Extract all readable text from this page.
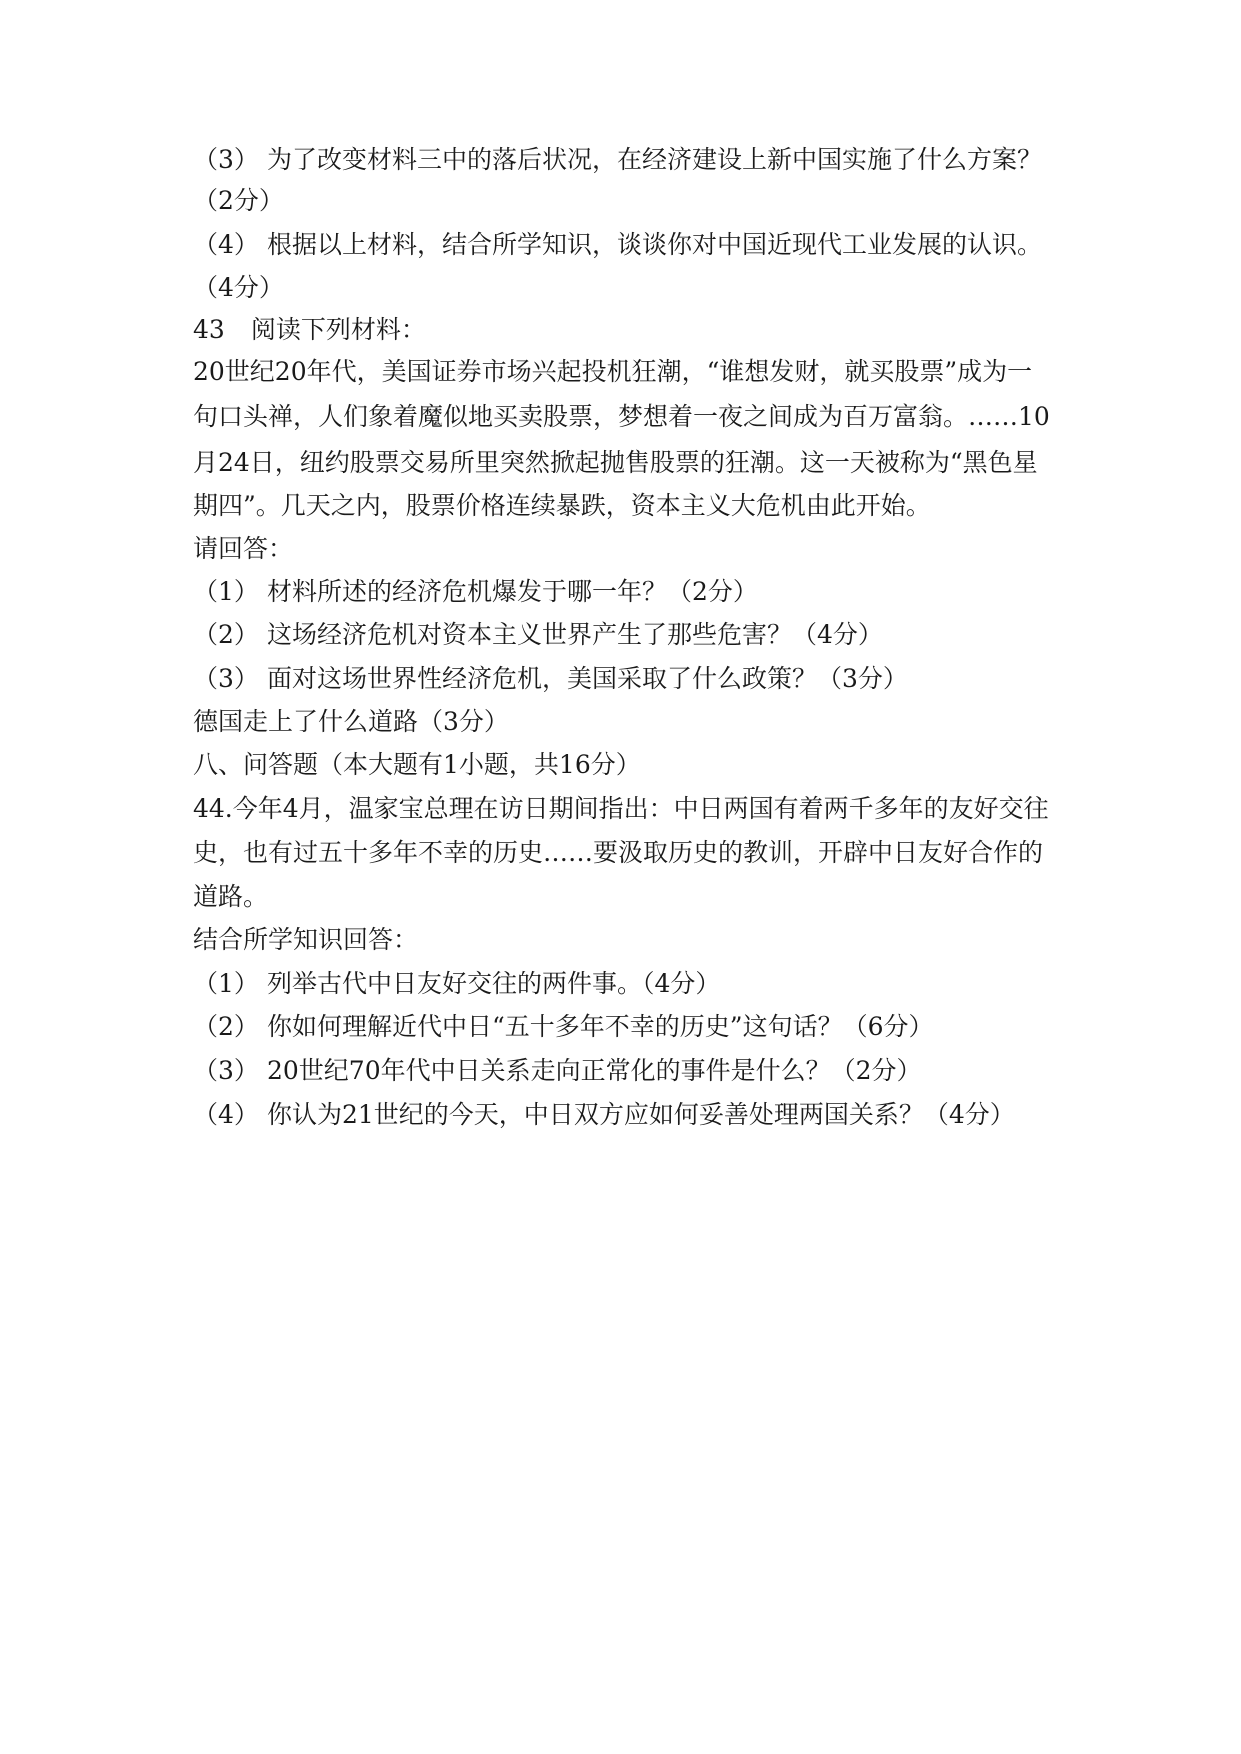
（3） 为了改变材料三中的落后状况，在经济建设上新中国实施了什么方案？
（2分）
（4） 根据以上材料，结合所学知识，谈谈你对中国近现代工业发展的认识。
（4分）
43 阅读下列材料：
20世纪20年代，美国证券市场兴起投机狂潮，“谁想发财，就买股票”成为一
句口头禅，人们象着魔似地买卖股票，梦想着一夜之间成为百万富翁。……10
月24日，纽约股票交易所里突然掀起抛售股票的狂潮。这一天被称为“黑色星
期四”。几天之内，股票价格连续暴跌，资本主义大危机由此开始。
请回答：
（1） 材料所述的经济危机爆发于哪一年？（2分）
（2） 这场经济危机对资本主义世界产生了那些危害？（4分）
（3） 面对这场世界性经济危机，美国采取了什么政策？（3分）
德国走上了什么道路（3分）
八、问答题（本大题有1小题，共16分）
44.今年4月，温家宝总理在访日期间指出：中日两国有着两千多年的友好交往
史，也有过五十多年不幸的历史……要汲取历史的教训，开辟中日友好合作的
道路。
结合所学知识回答：
（1） 列举古代中日友好交往的两件事。（4分）
（2） 你如何理解近代中日“五十多年不幸的历史”这句话？（6分）
（3） 20世纪70年代中日关系走向正常化的事件是什么？（2分）
（4） 你认为21世纪的今天，中日双方应如何妥善处理两国关系？（4分）
